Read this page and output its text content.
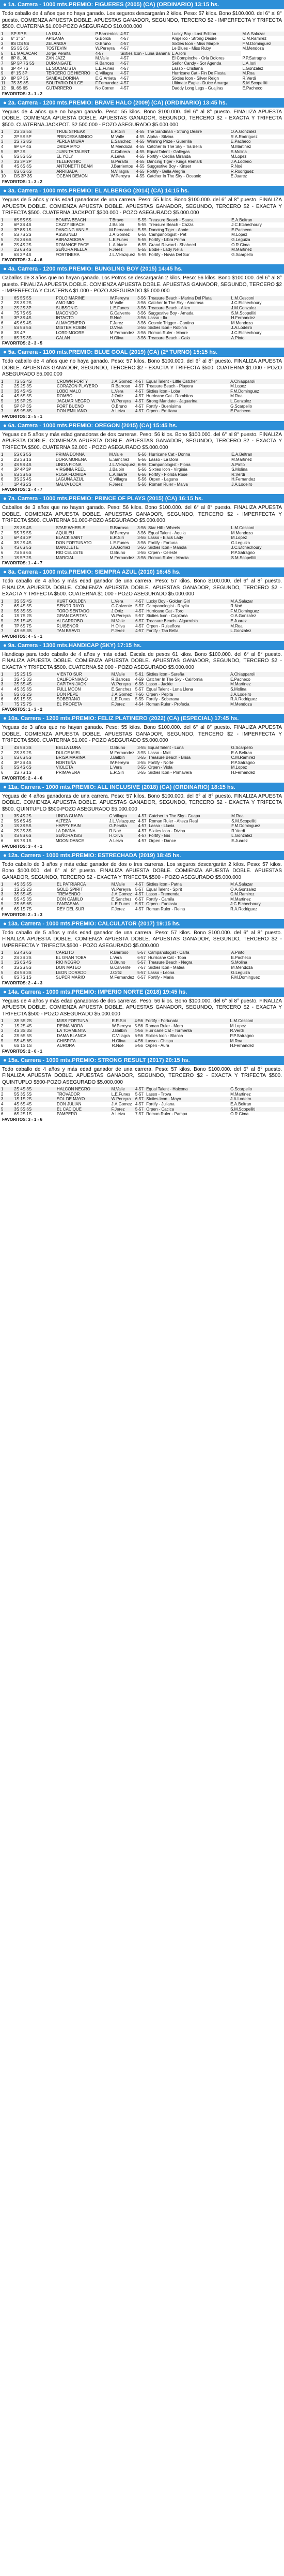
● 1a. Carrera - 1000 mts.PREMIO: FIGUERES (2005) (CA) (ORDINARIO) 13:15 hs.
Todo caballo de 4 años que no haya ganado. Los seguros descargarán 2 kilos. Peso: 57 kilos. Bono $100.000. del 6° al 8° puesto. COMIENZA APUESTA DOBLE. APUESTAS GANADOR, SEGUNDO, TERCERO $2 - IMPERFECTA Y TRIFECTA $500. CUATERNA $1.000-POZO ASEGURADO $10.000.000
1	SP SP 5	LA ISLA	P.Barrientos	4-57	Lucky Boy - Last Edition	M.A.Salazar
2	6° 3° 2°	APILAMA	G.Borda	4-57	Angelico - Strong Desire	C.M.Ramirez
3	8S DS 5S	ZELANDIA	O.Bruno	4-57	Sixties Icon - Miss Marple	F.M.Dominguez
4	5S 5S 6S	TOSTEVIN	W.Pereyra	4-57	Le Blues - Miss Ruby	M.Mendoza
5	EL MALACAR	Jorge Peralta	4-57	Sixties Icon - Luna Banana	L.A.Iorii	
6	8P 8L 9L	ZAN JAZZ	M.Valle	4-57	El Compinche - Orla Dolores	P.P.Satragno
7	5P 5P 7S 5S	DURANGATE	R.Barroso	4-57	Señor Candy - Sor Agenda	L.A.Iorii
8	3P 4P 7S	EL SOCIALISTA	L.E.Funes	4-57	Lasso - Cristiana	L.Gonzalez
9	6° 1S 3P	TERCERO DE HIERRO	C.Villagra	4-57	Hurricane Cat - Fin De Fiesta	M.Roa
10	8P 5P 3S	SAMBALDORINA	E.G.Arrieta	4-57	Sixties Icon - Silver Reign	R.Verdi
11	7S 3S 8S	SOLITARIO DULCE	F.Fernandez	4-57	Ultimate Eagle - Dulce Amarga	S.M.Scopelliti
12	9L 6S 6S	GUTARRERO	No Corren	4-57	Daddy Long Legs - Guajiras	E.Pacheco
FAVORITOS: 3 - 1 - 2
● 2a. Carrera - 1200 mts.PREMIO: BRAVE HALO (2009) (CA) (ORDINARIO) 13:45 hs.
Yeguas de 4 años que no hayan ganado. Peso: 55 kilos. Bono $100.000. del 6° al 8° puesto. FINALIZA APUESTA DOBLE. COMIENZA APUESTA DOBLE. APUESTAS GANADOR, SEGUNDO, TERCERO $2 - EXACTA Y TRIFECTA $500. CUATERNA JACKPOT. $2.500.000 - POZO ASEGURADO $5.000.000
1	2S 3S 5S	TRUE STREAK	E.R.Siri	4-55	The Sandman - Strong Desire	O.A.Gonzalez
2	2P 5S 5P	PRINCESA MINGO	M.Valle	4-55	Alpha - Silvina	R.A.Rodriguez
3	2S 7S 8S	PERLA MIURA	E.Sanchez	4-55	Winning Prize - Guerrilla	E.Pacheco
4	9P 6P 4S	DRIDA MYO	M.Mendoza	4-55	Catcher In The Sky - Tia Bella	M.Martinez
5	8P 2S	JUANITA TALENT	C.Cabrera	4-55	Equal Talent - Gallegas	S.Molina
6	5S 5S 5S	EL YOLY	A.Leiva	4-55	Fortify - Cecilia Miranda	M.Lopez
7	3S 3P 2P	TELEPATHIC	G.Peralta	4-55	Dancing Tiger - Kings Remark	J.A.Lodeiro
8	4S 6S 6S	ANTONETTI BEAM	J.Barrientos	4-55	Suggestive Boy - Kinser	R.Noé
9	6S 6S 6S	ARRIBADA	N.Villagra	4-55	Fortify - Bella Alegria	R.Rodriguez
10	DS 3P 3S	OCEAN DEMON	W.Pereyra	4-55	Catcher In The Sky - Oceanic	E.Juarez
FAVORITOS: 1 - 3 - 2
● 3a. Carrera - 1000 mts.PREMIO: EL ALBERGO (2014) (CA) 14:15 hs.
Yeguas de 5 años y más edad ganadoras de una carrera. Peso: 55 kilos. Bono $100.000. del 6° al 8° puesto. FINALIZA APUESTA DOBLE. COMIENZA APUESTA DOBLE. APUESTAS GANADOR, SEGUNDO, TERCERO $2 - EXACTA Y TRIFECTA $500. CUATERNA JACKPOT $300.000 - POZO ASEGURADO $5.000.000
1	6S 5S 5S	BONITA BEACH	T.Bravo	5-55	Treasure Beach - Sauca	E.A.Beltran
2	6P 3S 4S	CAZZY BEACH	J.Balbín	5-55	Treasure Beach - Cazza	J.C.Etchechoury
3	3P 8S 1S	DANCING ANNIE	M.Fernandez	5-55	Dancing Tiger - Annie	E.Pacheco
4	5S 7S 2S	ASSIGNED	J.A.Gomez	6-55	Campanologist - Pet	M.Lopez
5	7S 3S 6S	ABRAZADORA	L.E.Funes	5-55	Fortify - Libra Prima	G.Leguiza
6	2S 4S 2S	ROMANCE PACE	L.A.Iriarte	6-55	Grand Reward - Shaheed	O.R.Cima
7	1S 6S 4S	SEÑORA NELLA	F.Jerez	5-55	Bodie - Lady Nella	M.Martinez
8	6S 3P 4S	FORTINERA	J.L.Velazquez	5-55	Fortify - Novia Del Sur	G.Scarpello
FAVORITOS: 3 - 4 - 6
● 4a. Carrera - 1200 mts.PREMIO: BUNGLING BOY (2015) 14:45 hs.
Caballos de 3 años que no hayan ganado. Los Potros se descargarán 2 kilos. Peso: 56 kilos. Bono $100.000. del 6° al 8° puesto. FINALIZA APUESTA DOBLE. COMIENZA APUESTA DOBLE. APUESTAS GANADOR, SEGUNDO, TERCERO $2 - IMPERFECTA Y CUATERNA $1.000 - POZO ASEGURADO $5.000.000
1	6S 5S 5S	POLO MARINE	W.Pereyra	3-56	Treasure Beach - Marina Del Plata	L.M.Cesconi
2	2S 3S 2S	AMO MIO	M.Valle	3-56	Catcher In The Sky - Amorosa	J.C.Etchechoury
3	2S 2S 3P	SUBSONIC	L.E.Funes	3-56	Treasure Beach - Ailen	J.M.Gonzalez
4	7S 7S 6S	MACONDO	G.Calvente	3-56	Suggestive Boy - Amada	S.M.Scopelliti
5	3P 3S 4S	INTACTO	R.Noé	3-56	Lasso - Ila	H.Fernandez
6	4S 6S 4S	ALMACENERO	F.Jerez	3-56	Cosmic Trigger - Cantina	M.Mendoza
7	5S 5S 5S	MISTER ROBIN	D.Vera	3-56	Sixties Icon - Robinia	J.A.Lodeiro
8	3S 4P	LORD MOORE	M.Fernandez	3-56	Roman Ruler - Moore	J.C.Etchechoury
9	8S 7S 3S	GALAN	H.Oliva	3-56	Treasure Beach - Gala	A.Pinto
FAVORITOS: 2 - 3 - 5
● 5a. Carrera - 1100 mts.PREMIO: BLUE GOAL (2019) (CA) (2ª TURNO) 15:15 hs.
Todo caballo de 4 años que no haya ganado. Peso: 57 kilos. Bono $100.000. del 6° al 8° puesto. FINALIZA APUESTA DOBLE. APUESTAS GANADOR, SEGUNDO, TERCERO $2 - EXACTA Y TRIFECTA $500. CUATERNA $1.000 - POZO ASEGURADO $5.000.000
1	7S 5S 4S	CROWN FORTY	J.A.Gomez	4-57	Equal Talent - Little Catcher	A.Chiapparoli
2	2S 2S 3S	CORAZON PLAYERO	R.Barroso	4-57	Treasure Beach - Playera	M.Lopez
3	3S 4S 4S	LOBO MALO	L.Vera	4-57	Sixties Icon - Loba	F.M.Dominguez
4	4S 6S 5S	ROMBO	J.Ortiz	4-57	Hurricane Cat - Rombitos	M.Roa
5	1S 5P 2S	JAGUAR NEGRO	W.Pereyra	4-57	Strong Mandate - Jaguarina	L.Gonzalez
6	5P 6P 3S	FORT BUENO	O.Bruno	4-57	Fortify - Buenísima	G.Scarpello
7	6S 9S 8S	DON EMILIANO	A.Leiva	4-57	Orpen - Emiliana	E.Pacheco
FAVORITOS: 2 - 5 - 1
● 6a. Carrera - 1000 mts.PREMIO: OREGON (2015) (CA) 15:45 hs.
Yeguas de 5 años y más edad ganadoras de dos carreras. Peso: 56 kilos. Bono $100.000. del 6° al 8° puesto. FINALIZA APUESTA DOBLE. COMIENZA APUESTA DOBLE. APUESTAS GANADOR, SEGUNDO, TERCERO $2 - EXACTA Y TRIFECTA $500. CUATERNA $2.000 - POZO ASEGURADO $5.000.000
1	5S 6S 5S	PRIMA DONNA	M.Valle	5-56	Hurricane Cat - Donna	E.A.Beltran
2	2S 3S 1S	DORA MORENA	E.Sanchez	5-56	Lasso - La Dora	M.Martinez
3	4S 5S 4S	LINDA FIONA	J.L.Velazquez	6-56	Campanologist - Fiona	A.Pinto
4	3P 4P 3P	VIRGINIA REEL	J.Balbín	5-56	Sixties Icon - Virginia	S.Molina
5	6S 3S 5S	ROSA FLORIDA	L.A.Iriarte	6-56	Fortify - Florida Rose	R.Verdi
6	3S 2S 4S	LAGUNA AZUL	C.Villagra	5-56	Orpen - Laguna	H.Fernandez
7	1P 4S 2S	MALVA LOCA	F.Jerez	5-56	Roman Ruler - Malva	J.A.Lodeiro
FAVORITOS: 2 - 4 - 7
● 7a. Carrera - 1000 mts.PREMIO: PRINCE OF PLAYS (2015) (CA) 16:15 hs.
Caballos de 3 años que no hayan ganado. Peso: 56 kilos. Bono $100.000. del 6° al 8° puesto. FINALIZA APUESTA DOBLE. COMIENZA APUESTA DOBLE. APUESTAS GANADOR, SEGUNDO, TERCERO $2 - IMPERFECTA Y TRIFECTA $500. CUATERNA $1.000-POZO ASEGURADO $5.000.000
1	2S 3S 4S	STAR WHEELS	R.Barroso	3-56	Star Hill - Wheels	L.M.Cesconi
2	5S 7S 5S	AQUILEU	W.Pereyra	3-56	Equal Talent - Aquila	M.Mendoza
3	6P 4S 3P	BLACK SAINT	E.R.Siri	3-56	Lasso - Black Lady	M.Lopez
4	3S 2S 4S	DON FORTUNATO	L.E.Funes	3-56	Fortify - Fortuna	G.Leguiza
5	4S 6S 5S	MANOLETE	J.A.Gomez	3-56	Sixties Icon - Manola	J.C.Etchechoury
6	7S 8S 6S	RIO CELESTE	O.Bruno	3-56	Orpen - Celeste	P.P.Satragno
7	1S 5P 2S	MARCIAL	M.Fernandez	3-56	Roman Ruler - Marcia	S.M.Scopelliti
FAVORITOS: 1 - 4 - 7
● 8a. Carrera - 1000 mts.PREMIO: SIEMPRA AZUL (2010) 16:45 hs.
Todo caballo de 4 años y más edad ganador de una carrera. Peso: 57 kilos. Bono $100.000. del 6° al 8° puesto. FINALIZA APUESTA DOBLE. COMIENZA APUESTA DOBLE. APUESTAS GANADOR, SEGUNDO, TERCERO $2 - EXACTA Y TRIFECTA $500. CUATERNA $1.000 - POZO ASEGURADO $5.000.000
1	3S 5S 4S	KURT GOLDEN	L.Vera	4-57	Lucky Boy - Golden Girl	M.A.Salazar
2	6S 4S 5S	SEÑOR RAYO	G.Calvente	5-57	Campanologist - Rayita	R.Noé
3	5S 3S 5S	TORO SENTADO	J.Ortiz	4-57	Hurricane Cat - Toro	F.M.Dominguez
4	1S 7S 2S	GRAN CAPITAN	W.Pereyra	5-57	Sixties Icon - Capitana	O.A.Gonzalez
5	2S 1S 4S	ALGARROBO	M.Valle	6-57	Treasure Beach - Algarrobia	E.Juarez
6	7P 6S 7S	RUISEÑOR	H.Oliva	4-57	Orpen - Ruiseñora	M.Roa
7	4S 6S 3S	TAN BRAVO	F.Jerez	4-57	Fortify - Tan Bella	L.Gonzalez
FAVORITOS: 4 - 5 - 1
● 9a. Carrera - 1300 mts.HANDICAP (SKY) 17:15 hs.
Handicap para todo caballo de 4 años y más edad. Escala de pesos 61 kilos. Bono $100.000. del 6° al 8° puesto. FINALIZA APUESTA DOBLE. COMIENZA APUESTA DOBLE. APUESTAS GANADOR, SEGUNDO, TERCERO $2 - EXACTA Y TRIFECTA $500. CUATERNA $2.000 - POZO ASEGURADO $5.000.000
1	1S 2S 1S	VIENTO SUR	M.Valle	5-61	Sixties Icon - Sureña	A.Chiapparoli
2	3S 4S 3S	CALIFORNIANO	R.Barroso	4-59	Catcher In The Sky - California	E.Pacheco
3	2S 5S 4S	CAPITAN JACK	W.Pereyra	6-58	Lasso - Jackie	M.Martinez
4	4S 3S 6S	FULL MOON	E.Sanchez	5-57	Equal Talent - Luna Llena	S.Molina
5	5S 6S 2S	DON PEPE	J.A.Gomez	7-56	Orpen - Pepita	J.A.Lodeiro
6	6S 1S 5S	SOBERANO	L.E.Funes	5-55	Fortify - Soberana	R.A.Rodriguez
7	7S 7S 7S	EL PROFETA	F.Jerez	4-54	Roman Ruler - Profecia	M.Mendoza
FAVORITOS: 1 - 3 - 2
● 10a. Carrera - 1200 mts.PREMIO: FELIZ PLATINERO (2022) (CA) (ESPECIAL) 17:45 hs.
Yeguas de 3 años que no hayan ganado. Peso: 55 kilos. Bono $100.000. del 6° al 8° puesto. FINALIZA APUESTA DOBLE. COMIENZA APUESTA DOBLE. APUESTAS GANADOR, SEGUNDO, TERCERO $2 - IMPERFECTA Y TRIFECTA $500. CUATERNA $1.000 - POZO ASEGURADO $5.000.000
1	4S 5S 3S	BELLA LUNA	O.Bruno	3-55	Equal Talent - Luna	G.Scarpello
2	2S 3S 2S	DULCE MIEL	M.Fernandez	3-55	Lasso - Miel	E.A.Beltran
3	6S 6S 5S	BRISA MARINA	J.Balbín	3-55	Treasure Beach - Brisa	C.M.Ramirez
4	3P 2S 4S	NORTEÑA	W.Pereyra	3-55	Fortify - Norte	P.P.Satragno
5	5S 4S 6S	VIOLETA	L.Vera	3-55	Orpen - Viola	M.Lopez
6	1S 7S 1S	PRIMAVERA	E.R.Siri	3-55	Sixties Icon - Primavera	H.Fernandez
FAVORITOS: 2 - 4 - 6
● 11a. Carrera - 1000 mts.PREMIO: ALL INCLUSIVE (2018) (CA) (ORDINARIO) 18:15 hs.
Yeguas de 4 años ganadoras de una carrera. Peso: 57 kilos. Bono $100.000. del 6° al 8° puesto. FINALIZA APUESTA DOBLE. COMIENZA APUESTA DOBLE. APUESTAS GANADOR, SEGUNDO, TERCERO $2 - EXACTA Y TRIFECTA $500. QUINTUPLO $500-POZO ASEGURADO $5.000.000
1	3S 4S 2S	LINDA GUAPA	C.Villagra	4-57	Catcher In The Sky - Guapa	M.Roa
2	5S 6S 4S	ALTEZA	J.L.Velazquez	4-57	Roman Ruler - Alteza Real	S.M.Scopelliti
3	1S 3S 5S	HAPPY RAIN	G.Peralta	4-57	Lasso - Lluvia	F.M.Dominguez
4	2S 2S 3S	LA DIVINA	R.Noé	4-57	Sixties Icon - Divina	R.Verdi
5	4S 5S 6S	SEÑORA ISIS	H.Oliva	4-57	Fortify - Isis	L.Gonzalez
6	6S 7S 1S	MOON DANCE	A.Leiva	4-57	Orpen - Dance	E.Juarez
FAVORITOS: 3 - 4 - 1
● 12a. Carrera - 1000 mts.PREMIO: ESTRECHADA (2019) 18:45 hs.
Todo caballo de 3 años y más edad ganador de dos o tres carreras. Los seguros descargarán 2 kilos. Peso: 57 kilos. Bono $100.000. del 6° al 8° puesto. FINALIZA APUESTA DOBLE. COMIENZA APUESTA DOBLE. APUESTAS GANADOR, SEGUNDO, TERCERO $2 - EXACTA Y TRIFECTA $500 - POZO ASEGURADO $5.000.000
1	4S 3S 5S	EL PATRIARCA	M.Valle	4-57	Sixties Icon - Patria	M.A.Salazar
2	1S 2S 2S	GOLD SPIRIT	W.Pereyra	5-57	Equal Talent - Spirit	O.A.Gonzalez
3	3S 5S 4S	TREMENDO	J.A.Gomez	4-57	Lasso - Tremenda	C.M.Ramirez
4	5S 4S 3S	DON CAMILO	E.Sanchez	6-57	Fortify - Camila	M.Martinez
5	2S 6S 6S	FANTASMA	L.E.Funes	5-57	Orpen - Fantasia	J.C.Etchechoury
6	6S 1S 7S	REY DEL SUR	F.Jerez	4-57	Roman Ruler - Reina	R.A.Rodriguez
FAVORITOS: 2 - 1 - 3
● 13a. Carrera - 1000 mts.PREMIO: CALCULATOR (2017) 19:15 hs.
Todo caballo de 5 años y más edad ganador de una carrera. Peso: 57 kilos. Bono $100.000. del 6° al 8° puesto. FINALIZA APUESTA DOBLE. COMIENZA APUESTA DOBLE. APUESTAS GANADOR, SEGUNDO, TERCERO $2 - IMPERFECTA Y TRIFECTA $500 - POZO ASEGURADO $5.000.000
1	5S 4S 6S	CARLITO	R.Barroso	5-57	Campanologist - Carla	A.Pinto
2	2S 3S 2S	EL GRAN TOBA	L.Vera	6-57	Hurricane Cat - Toba	E.Pacheco
3	1S 6S 4S	RIO NEGRO	O.Bruno	5-57	Treasure Beach - Negra	S.Molina
4	3S 2S 5S	DON MATEO	G.Calvente	7-57	Sixties Icon - Matea	M.Mendoza
5	4S 5S 3S	LEON DORADO	J.Ortiz	5-57	Lasso - Leona	G.Leguiza
6	6S 7S 1S	SUPER MARIO	M.Fernandez	6-57	Fortify - Maria	F.M.Dominguez
FAVORITOS: 2 - 4 - 3
● 14a. Carrera - 1000 mts.PREMIO: IMPERIO NORTE (2018) 19:45 hs.
Yeguas de 4 años y más edad ganadoras de dos carreras. Peso: 56 kilos. Bono $100.000. del 6° al 8° puesto. FINALIZA APUESTA DOBLE. COMIENZA APUESTA DOBLE. APUESTAS GANADOR, SEGUNDO, TERCERO $2 - EXACTA Y TRIFECTA $500 - POZO ASEGURADO $5.000.000
1	3S 5S 2S	MISS FORTUNA	E.R.Siri	4-56	Fortify - Fortunata	L.M.Cesconi
2	1S 2S 4S	REINA MORA	W.Pereyra	5-56	Roman Ruler - Mora	M.Lopez
3	4S 3S 3S	LA TORMENTA	J.Balbín	4-56	Hurricane Cat - Tormenta	R.Verdi
4	2S 6S 5S	DAMA BLANCA	C.Villagra	6-56	Sixties Icon - Blanca	P.P.Satragno
5	5S 4S 6S	CHISPITA	H.Oliva	4-56	Lasso - Chispa	M.Roa
6	6S 1S 1S	AURORA	R.Noé	5-56	Orpen - Aura	H.Fernandez
FAVORITOS: 2 - 6 - 1
● 15a. Carrera - 1000 mts.PREMIO: STRONG RESULT (2017) 20:15 hs.
Todo caballo de 4 años y más edad ganador de una carrera. Peso: 57 kilos. Bono $100.000. del 6° al 8° puesto. FINALIZA APUESTA DOBLE. APUESTAS GANADOR, SEGUNDO, TERCERO $2 - EXACTA Y TRIFECTA $500. QUINTUPLO $500-POZO ASEGURADO $5.000.000
1	2S 4S 3S	HALCON NEGRO	M.Valle	4-57	Equal Talent - Halcona	G.Scarpello
2	5S 3S 5S	TROVADOR	L.E.Funes	5-57	Lasso - Trova	M.Martinez
3	1S 1S 2S	SOL DE MAYO	W.Pereyra	6-57	Sixties Icon - Mayo	J.A.Lodeiro
4	4S 6S 4S	DON JULIAN	J.A.Gomez	4-57	Fortify - Juliana	E.A.Beltran
5	3S 5S 6S	EL CACIQUE	F.Jerez	5-57	Orpen - Cacica	S.M.Scopelliti
6	6S 2S 1S	PAMPERO	A.Leiva	7-57	Roman Ruler - Pampa	O.R.Cima
FAVORITOS: 3 - 1 - 6
